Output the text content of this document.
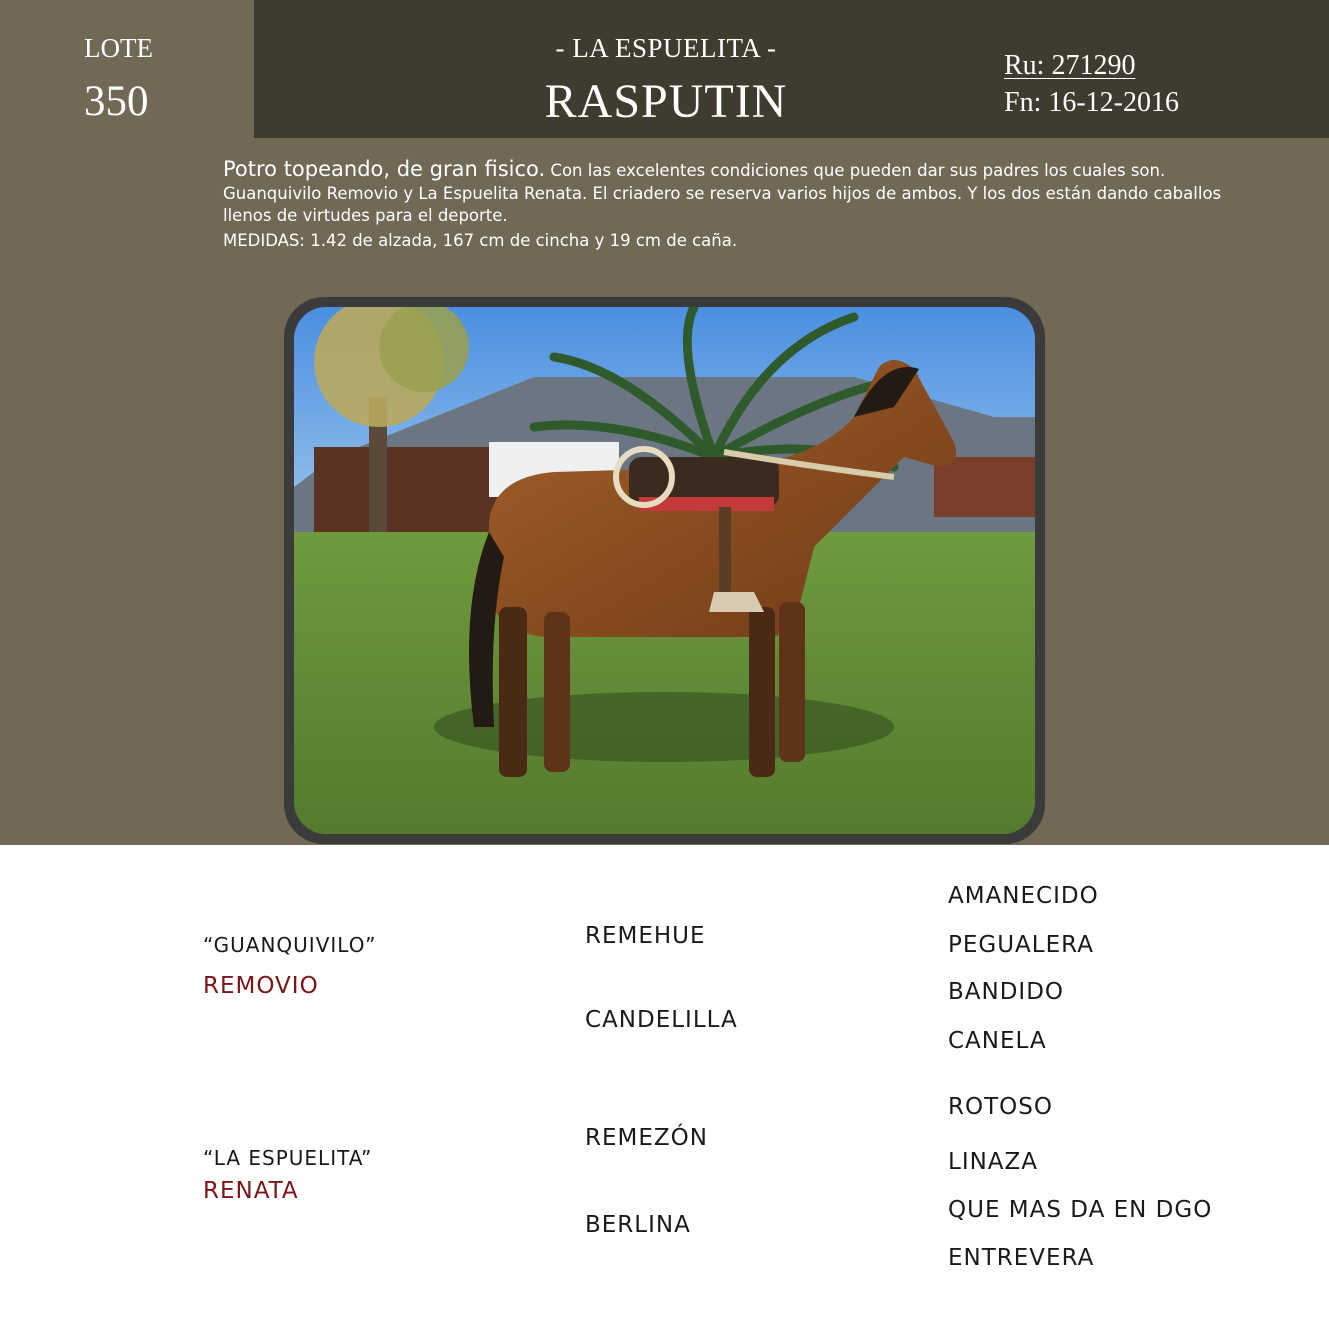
LOTE
350
- LA ESPUELITA -
RASPUTIN
Ru: 271290
Fn: 16-12-2016
Potro topeando, de gran fisico. Con las excelentes condiciones que pueden dar sus padres los cuales son. Guanquivilo Removio y La Espuelita Renata. El criadero se reserva varios hijos de ambos. Y los dos están dando caballos llenos de virtudes para el deporte.
MEDIDAS: 1.42 de alzada, 167 cm de cincha y 19 cm de caña.
“GUANQUIVILO”
REMOVIO
“LA ESPUELITA”
RENATA
REMEHUE
CANDELILLA
REMEZÓN
BERLINA
AMANECIDO
PEGUALERA
BANDIDO
CANELA
ROTOSO
LINAZA
QUE MAS DA EN DGO
ENTREVERA
